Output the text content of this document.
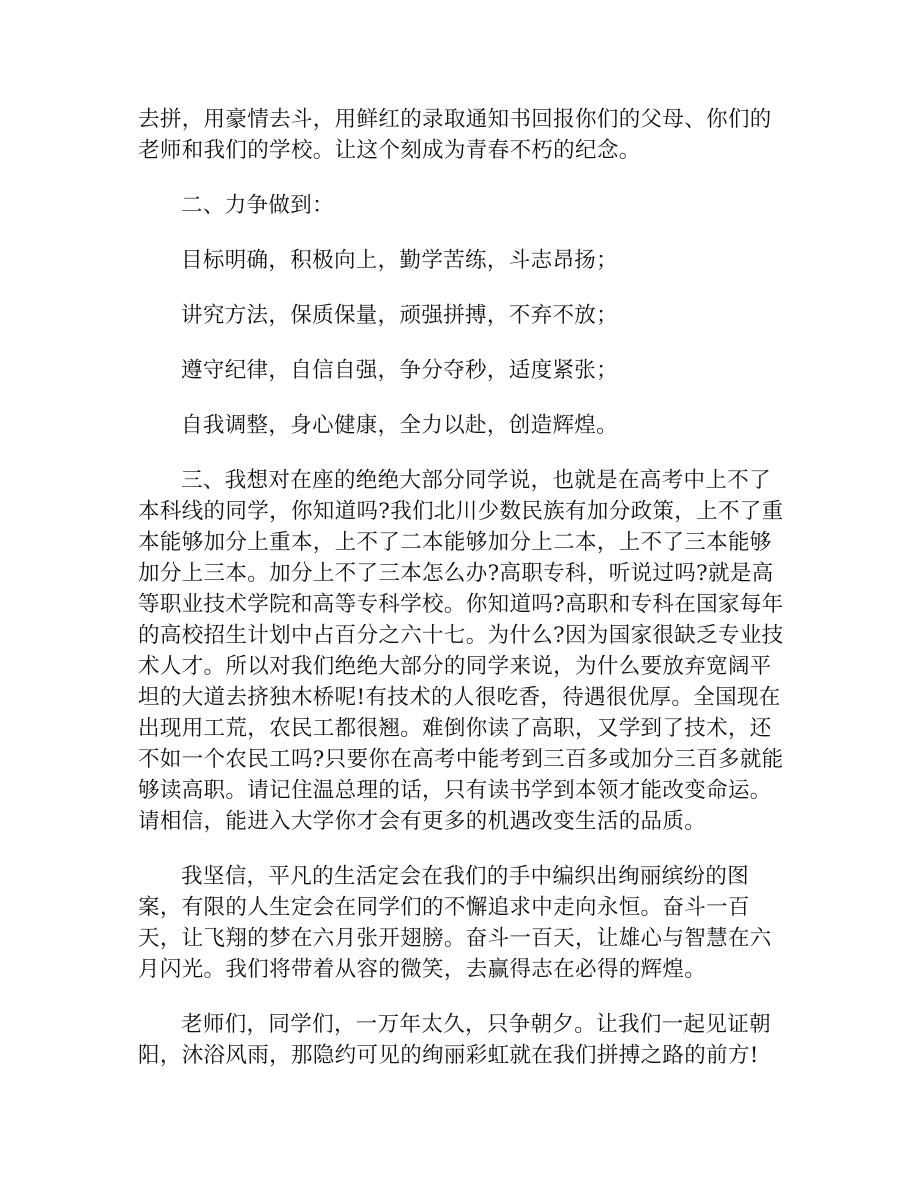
去拼，用豪情去斗，用鲜红的录取通知书回报你们的父母、你们的老师和我们的学校。让这个刻成为青春不朽的纪念。

二、力争做到：

目标明确，积极向上，勤学苦练，斗志昂扬；

讲究方法，保质保量，顽强拼搏，不弃不放；

遵守纪律，自信自强，争分夺秒，适度紧张；

自我调整，身心健康，全力以赴，创造辉煌。

三、我想对在座的绝绝大部分同学说，也就是在高考中上不了本科线的同学，你知道吗?我们北川少数民族有加分政策，上不了重本能够加分上重本，上不了二本能够加分上二本，上不了三本能够加分上三本。加分上不了三本怎么办?高职专科，听说过吗?就是高等职业技术学院和高等专科学校。你知道吗?高职和专科在国家每年的高校招生计划中占百分之六十七。为什么?因为国家很缺乏专业技术人才。所以对我们绝绝大部分的同学来说，为什么要放弃宽阔平坦的大道去挤独木桥呢!有技术的人很吃香，待遇很优厚。全国现在出现用工荒，农民工都很翘。难倒你读了高职，又学到了技术，还不如一个农民工吗?只要你在高考中能考到三百多或加分三百多就能够读高职。请记住温总理的话，只有读书学到本领才能改变命运。请相信，能进入大学你才会有更多的机遇改变生活的品质。

我坚信，平凡的生活定会在我们的手中编织出绚丽缤纷的图案，有限的人生定会在同学们的不懈追求中走向永恒。奋斗一百天，让飞翔的梦在六月张开翅膀。奋斗一百天，让雄心与智慧在六月闪光。我们将带着从容的微笑，去赢得志在必得的辉煌。

老师们，同学们，一万年太久，只争朝夕。让我们一起见证朝阳，沐浴风雨，那隐约可见的绚丽彩虹就在我们拼搏之路的前方!
